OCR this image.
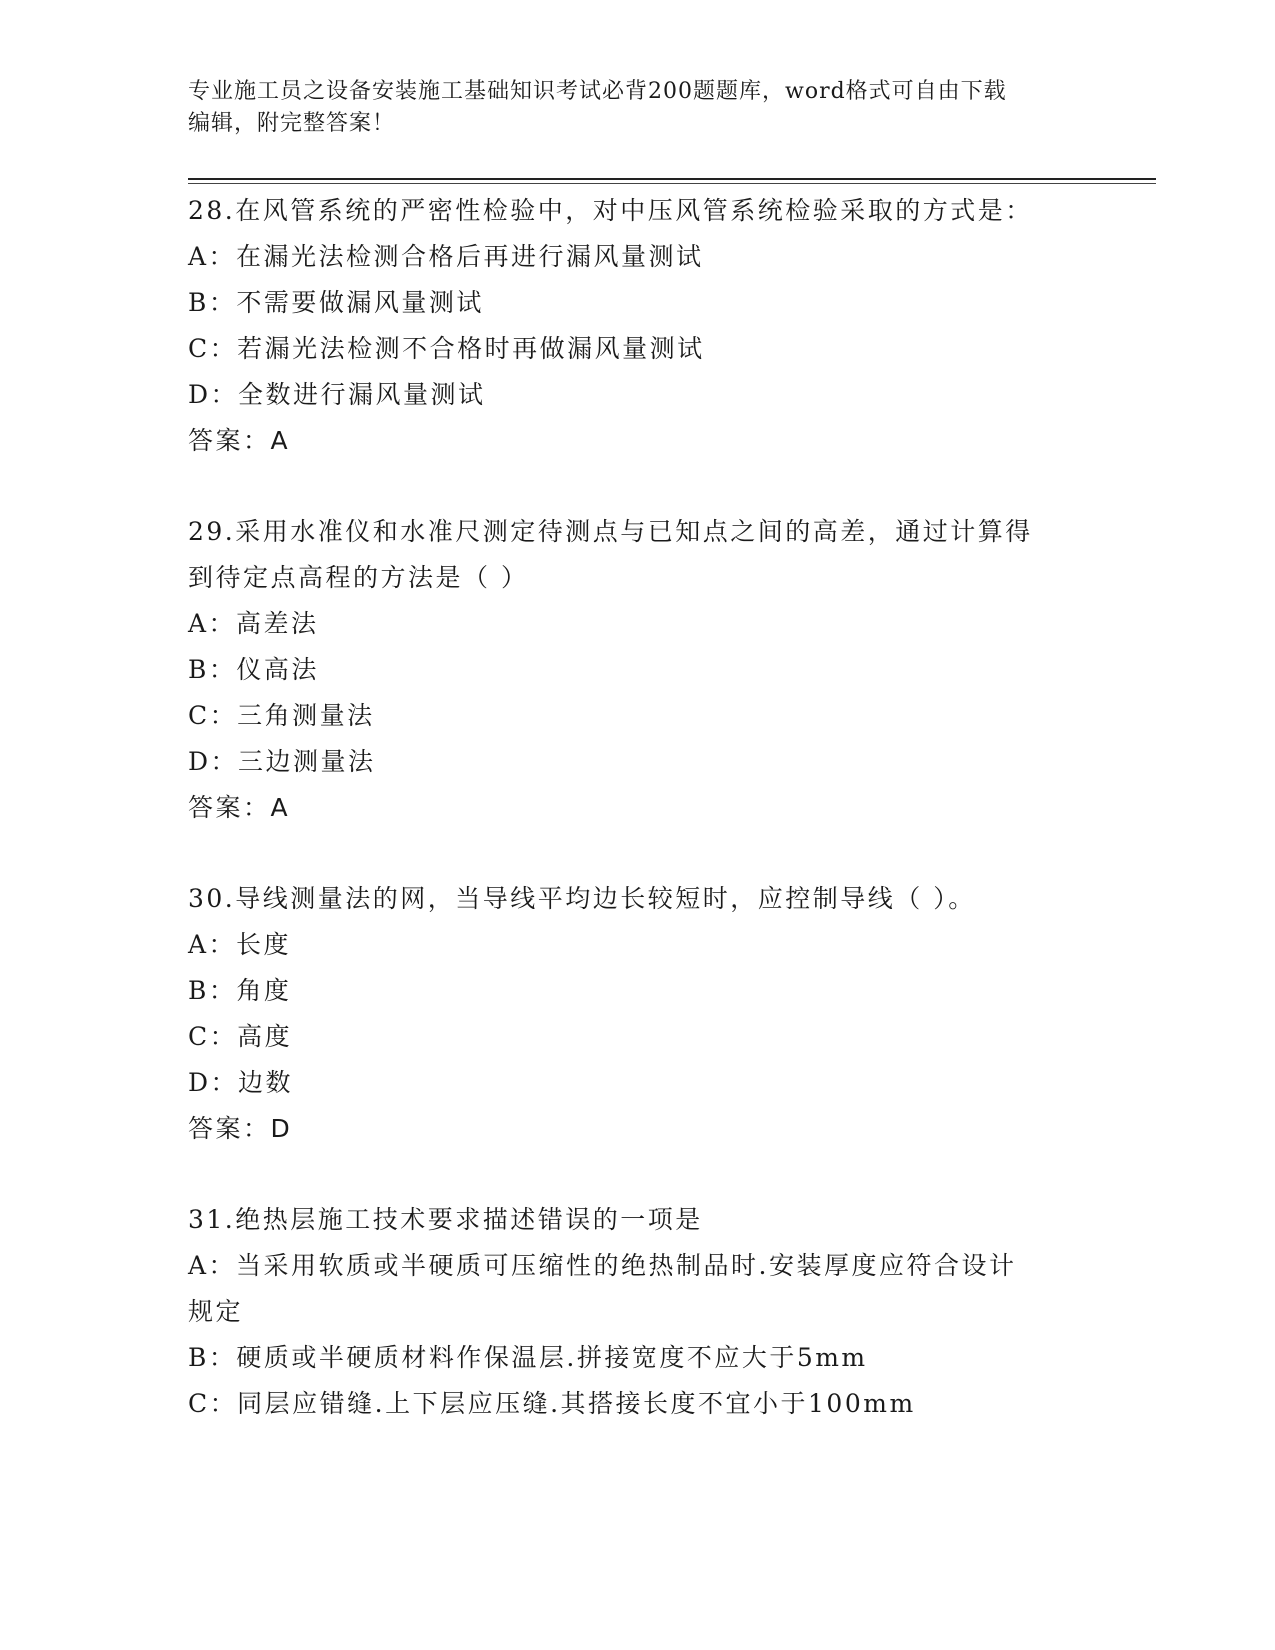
专业施工员之设备安装施工基础知识考试必背200题题库，word格式可自由下载
编辑，附完整答案！
28.在风管系统的严密性检验中，对中压风管系统检验采取的方式是：
A：在漏光法检测合格后再进行漏风量测试
B：不需要做漏风量测试
C：若漏光法检测不合格时再做漏风量测试
D：全数进行漏风量测试
答案：A
29.采用水准仪和水准尺测定待测点与已知点之间的高差，通过计算得
到待定点高程的方法是（ ）
A：高差法
B：仪高法
C：三角测量法
D：三边测量法
答案：A
30.导线测量法的网，当导线平均边长较短时，应控制导线（ ）。
A：长度
B：角度
C：高度
D：边数
答案：D
31.绝热层施工技术要求描述错误的一项是
A：当采用软质或半硬质可压缩性的绝热制品时.安装厚度应符合设计
规定
B：硬质或半硬质材料作保温层.拼接宽度不应大于5mm
C：同层应错缝.上下层应压缝.其搭接长度不宜小于100mm
